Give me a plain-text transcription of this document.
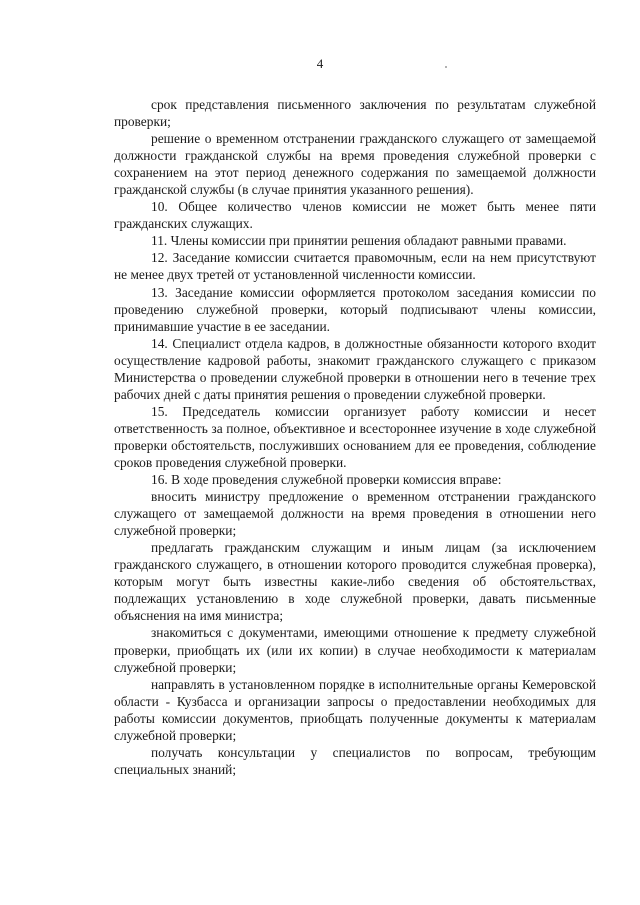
4

срок представления письменного заключения по результатам служебной проверки;

решение о временном отстранении гражданского служащего от замещаемой должности гражданской службы на время проведения служебной проверки с сохранением на этот период денежного содержания по замещаемой должности гражданской службы (в случае принятия указанного решения).

10. Общее количество членов комиссии не может быть менее пяти гражданских служащих.

11. Члены комиссии при принятии решения обладают равными правами.

12. Заседание комиссии считается правомочным, если на нем присутствуют не менее двух третей от установленной численности комиссии.

13. Заседание комиссии оформляется протоколом заседания комиссии по проведению служебной проверки, который подписывают члены комиссии, принимавшие участие в ее заседании.

14. Специалист отдела кадров, в должностные обязанности которого входит осуществление кадровой работы, знакомит гражданского служащего с приказом Министерства о проведении служебной проверки в отношении него в течение трех рабочих дней с даты принятия решения о проведении служебной проверки.

15. Председатель комиссии организует работу комиссии и несет ответственность за полное, объективное и всестороннее изучение в ходе служебной проверки обстоятельств, послуживших основанием для ее проведения, соблюдение сроков проведения служебной проверки.

16. В ходе проведения служебной проверки комиссия вправе:

вносить министру предложение о временном отстранении гражданского служащего от замещаемой должности на время проведения в отношении него служебной проверки;

предлагать гражданским служащим и иным лицам (за исключением гражданского служащего, в отношении которого проводится служебная проверка), которым могут быть известны какие-либо сведения об обстоятельствах, подлежащих установлению в ходе служебной проверки, давать письменные объяснения на имя министра;

знакомиться с документами, имеющими отношение к предмету служебной проверки, приобщать их (или их копии) в случае необходимости к материалам служебной проверки;

направлять в установленном порядке в исполнительные органы Кемеровской области - Кузбасса и организации запросы о предоставлении необходимых для работы комиссии документов, приобщать полученные документы к материалам служебной проверки;

получать консультации у специалистов по вопросам, требующим специальных знаний;
